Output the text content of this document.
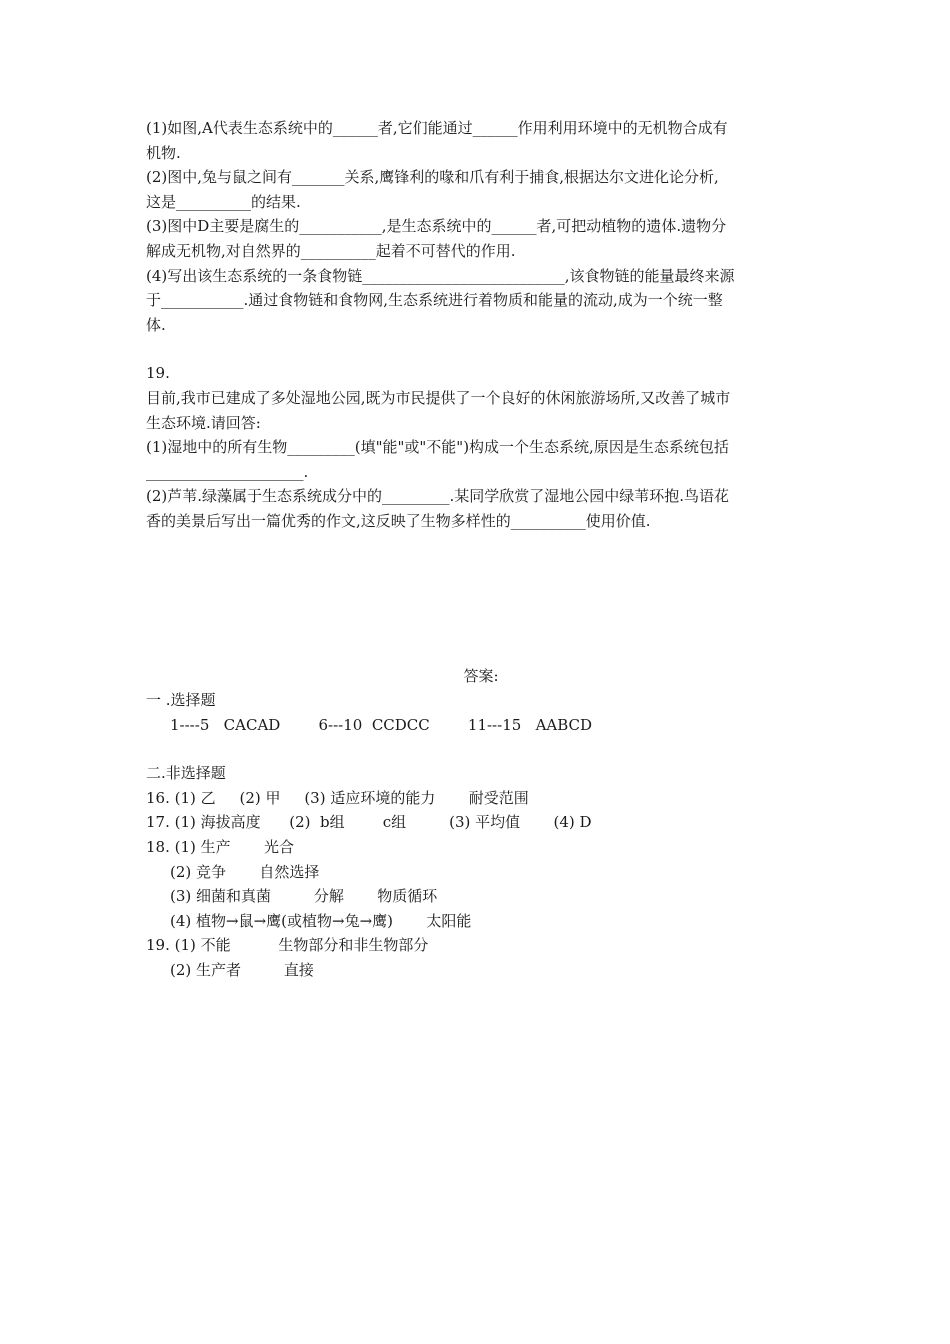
(1)如图,A代表生态系统中的______者,它们能通过______作用利用环境中的无机物合成有

机物.

(2)图中,兔与鼠之间有_______关系,鹰锋利的喙和爪有利于捕食,根据达尔文进化论分析,

这是__________的结果.

(3)图中D主要是腐生的___________,是生态系统中的______者,可把动植物的遗体.遗物分

解成无机物,对自然界的__________起着不可替代的作用.

(4)写出该生态系统的一条食物链___________________________,该食物链的能量最终来源

于___________.通过食物链和食物网,生态系统进行着物质和能量的流动,成为一个统一整

体.

19.

目前,我市已建成了多处湿地公园,既为市民提供了一个良好的休闲旅游场所,又改善了城市

生态环境.请回答:

(1)湿地中的所有生物_________(填"能"或"不能")构成一个生态系统,原因是生态系统包括

_____________________.

(2)芦苇.绿藻属于生态系统成分中的_________.某同学欣赏了湿地公园中绿苇环抱.鸟语花

香的美景后写出一篇优秀的作文,这反映了生物多样性的__________使用价值.

答案:

一 .选择题

1----5   CACAD        6---10  CCDCC        11---15   AABCD

二.非选择题

16. (1) 乙     (2) 甲     (3) 适应环境的能力       耐受范围

17. (1) 海拔高度      (2)  b组        c组         (3) 平均值       (4) D

18. (1) 生产       光合

(2) 竞争       自然选择

(3) 细菌和真菌         分解       物质循环

(4) 植物→鼠→鹰(或植物→兔→鹰)       太阳能

19. (1) 不能          生物部分和非生物部分

(2) 生产者         直接
